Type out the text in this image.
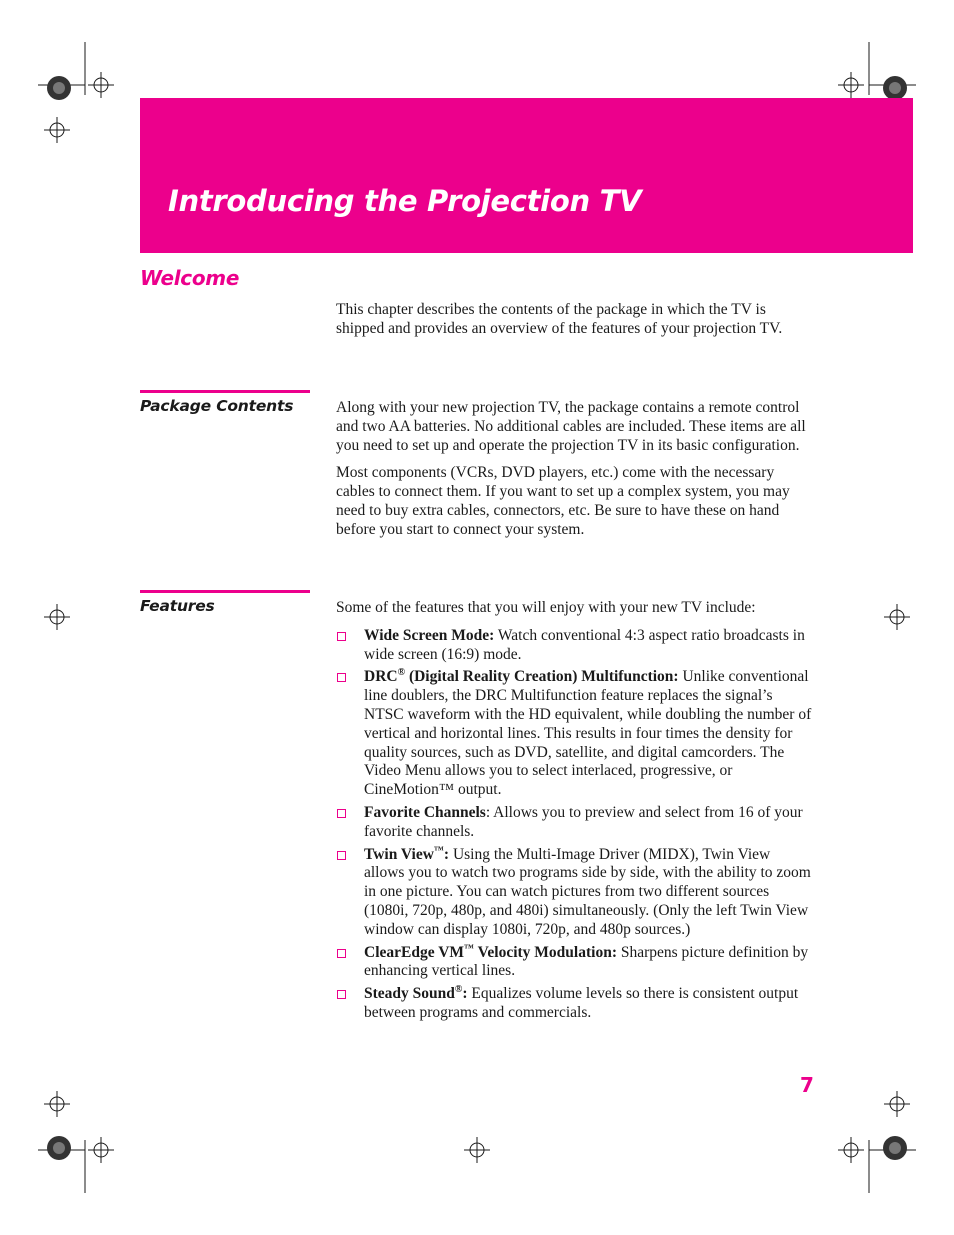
Introducing the Projection TV
Welcome

This chapter describes the contents of the package in which the TV is shipped and provides an overview of the features of your projection TV.

Package Contents	Along with your new projection TV, the package contains a remote control and two AA batteries. No additional cables are included. These items are all you need to set up and operate the projection TV in its basic configuration.

Most components (VCRs, DVD players, etc.) come with the necessary cables to connect them. If you want to set up a complex system, you may need to buy extra cables, connectors, etc. Be sure to have these on hand before you start to connect your system.

Features	Some of the features that you will enjoy with your new TV include:

Wide Screen Mode: Watch conventional 4:3 aspect ratio broadcasts in wide screen (16:9) mode.
DRC® (Digital Reality Creation) Multifunction: Unlike conventional line doublers, the DRC Multifunction feature replaces the signal’s NTSC waveform with the HD equivalent, while doubling the number of vertical and horizontal lines. This results in four times the density for quality sources, such as DVD, satellite, and digital camcorders. The Video Menu allows you to select interlaced, progressive, or CineMotion™ output.
Favorite Channels: Allows you to preview and select from 16 of your favorite channels.
Twin View™: Using the Multi-Image Driver (MIDX), Twin View allows you to watch two programs side by side, with the ability to zoom in one picture. You can watch pictures from two different sources (1080i, 720p, 480p, and 480i) simultaneously. (Only the left Twin View window can display 1080i, 720p, and 480p sources.)
ClearEdge VM™ Velocity Modulation: Sharpens picture definition by enhancing vertical lines.
Steady Sound®: Equalizes volume levels so there is consistent output between programs and commercials.
7
